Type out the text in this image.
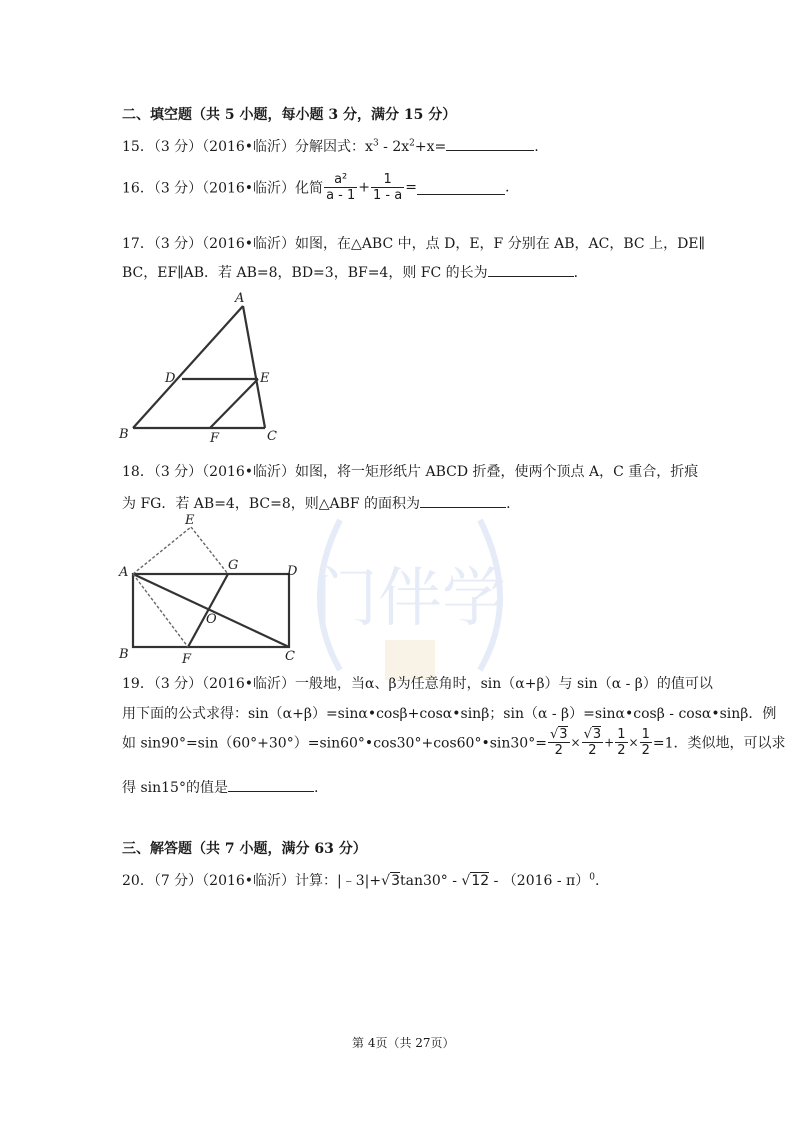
门伴学
二、填空题（共 5 小题，每小题 3 分，满分 15 分）
15．（3 分）（2016•临沂）分解因式：$x^3 - 2x^2+x=$	.
16．（3 分）（2016•临沂）化简 $\frac{\text{a²}}{a - 1} + \frac{1}{1 - a}$ =	.
17．（3 分）（2016•临沂）如图，在△ABC 中，点 D，E，F 分别在 AB，AC，BC 上，DE∥
BC，EF∥AB．若 AB=8，BD=3，BF=4，则 FC 的长为	．
A
B	C
D	E
F
18．（3 分）（2016•临沂）如图，将一矩形纸片 ABCD 折叠，使两个顶点 A，C 重合，折痕
为 FG．若 AB=4，BC=8，则△ABF 的面积为	.
A
B	C
D
E
F
G
O
19．（3 分）（2016•临沂）一般地，当α、β为任意角时，sin（α+β）与 sin（α - β）的值可以
用下面的公式求得：sin（α+β）=sinα•cosβ+cosα•sinβ；sin（α - β）=sinα•cosβ - cosα•sinβ．例
如 sin90°=sin（60°+30°）=sin60°•cos30°+cos60°•sin30°= $\frac{√3}{2} \times \frac{√3}{2} + \frac{1}{2} \times \frac{1}{2} =1$．类似地，可以求
得 sin15°的值是	.
三、解答题（共 7 小题，满分 63 分）
20．（7 分）（2016•临沂）计算：|﹣3|+√3tan30° - √12 - （2016 - π）$^0$.
第 4页（共 27页）
